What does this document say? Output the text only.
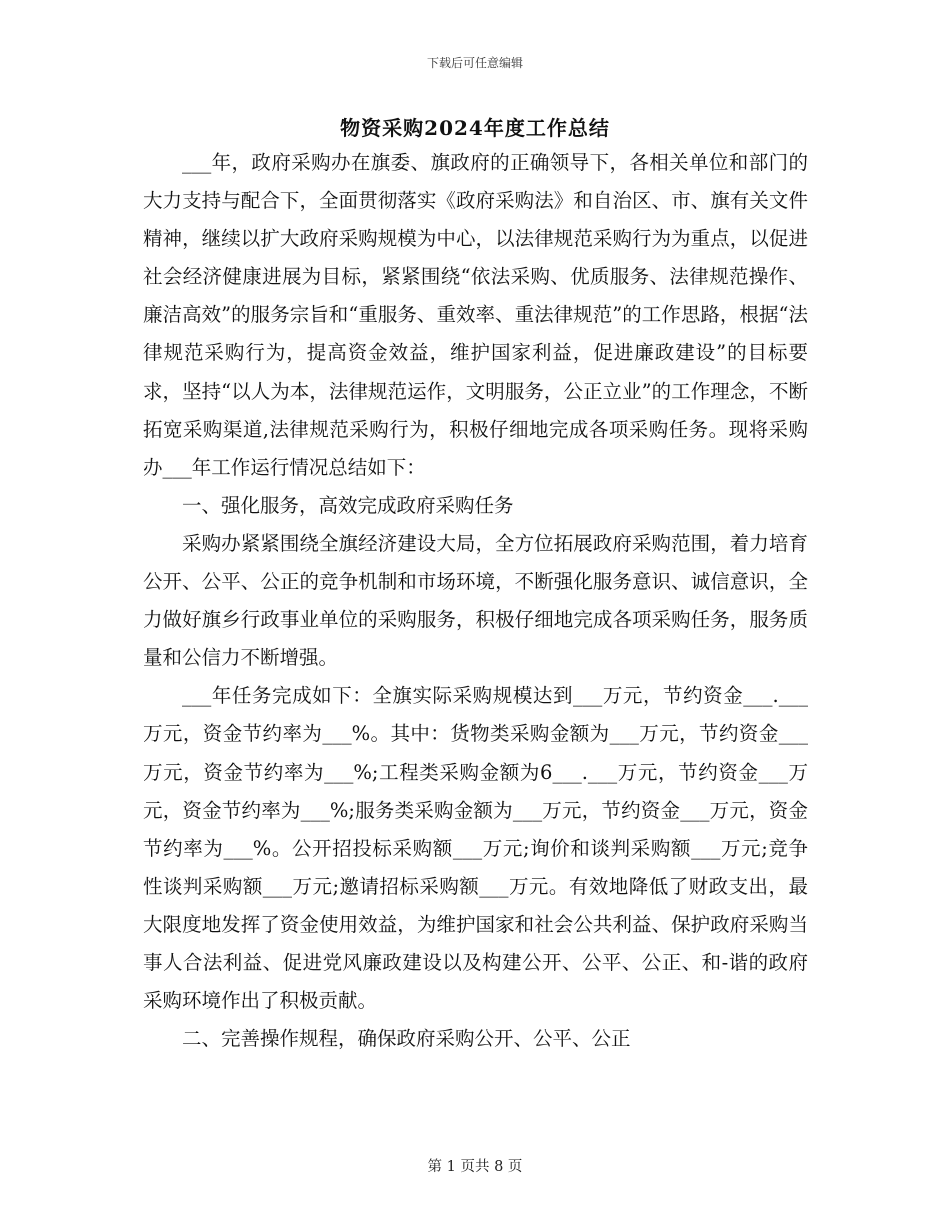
下载后可任意编辑
物资采购2024年度工作总结

___年，政府采购办在旗委、旗政府的正确领导下，各相关单位和部门的大力支持与配合下，全面贯彻落实《政府采购法》和自治区、市、旗有关文件精神，继续以扩大政府采购规模为中心，以法律规范采购行为为重点，以促进社会经济健康进展为目标，紧紧围绕“依法采购、优质服务、法律规范操作、廉洁高效”的服务宗旨和“重服务、重效率、重法律规范”的工作思路，根据“法律规范采购行为，提高资金效益，维护国家利益，促进廉政建设”的目标要求，坚持“以人为本，法律规范运作，文明服务，公正立业”的工作理念，不断拓宽采购渠道,法律规范采购行为，积极仔细地完成各项采购任务。现将采购办___年工作运行情况总结如下：

一、强化服务，高效完成政府采购任务

采购办紧紧围绕全旗经济建设大局，全方位拓展政府采购范围，着力培育公开、公平、公正的竞争机制和市场环境，不断强化服务意识、诚信意识，全力做好旗乡行政事业单位的采购服务，积极仔细地完成各项采购任务，服务质量和公信力不断增强。

___年任务完成如下：全旗实际采购规模达到___万元，节约资金___.___万元，资金节约率为___%。其中：货物类采购金额为___万元，节约资金___万元，资金节约率为___%;工程类采购金额为6___.___万元，节约资金___万元，资金节约率为___%;服务类采购金额为___万元，节约资金___万元，资金节约率为___%。公开招投标采购额___万元;询价和谈判采购额___万元;竞争性谈判采购额___万元;邀请招标采购额___万元。有效地降低了财政支出，最大限度地发挥了资金使用效益，为维护国家和社会公共利益、保护政府采购当事人合法利益、促进党风廉政建设以及构建公开、公平、公正、和-谐的政府采购环境作出了积极贡献。

二、完善操作规程，确保政府采购公开、公平、公正

第 1 页共 8 页
